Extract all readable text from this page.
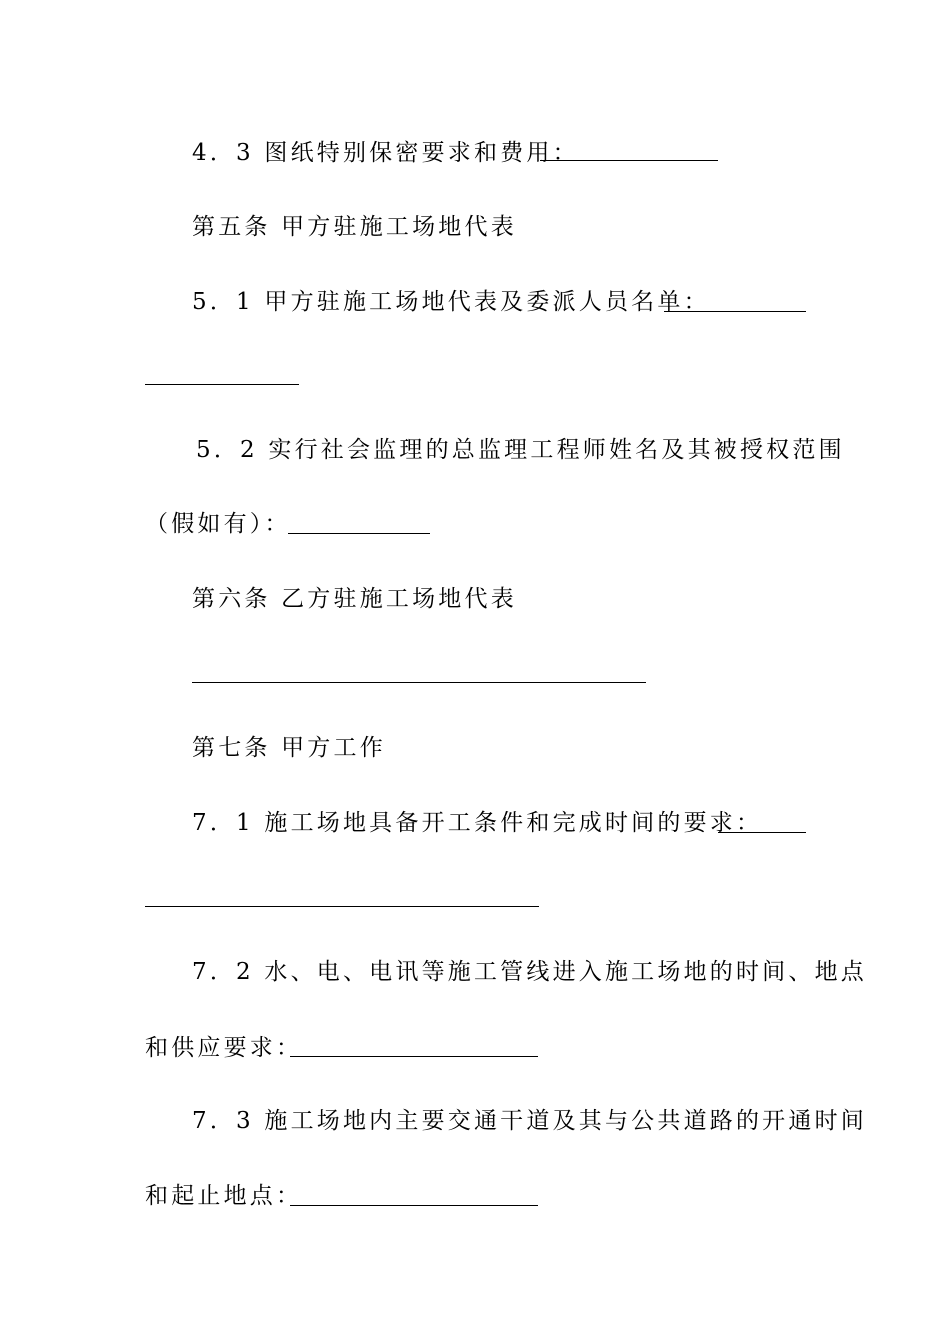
4．3 图纸特别保密要求和费用：
第五条 甲方驻施工场地代表
5．1 甲方驻施工场地代表及委派人员名单：
5．2 实行社会监理的总监理工程师姓名及其被授权范围
（假如有）：
第六条 乙方驻施工场地代表
第七条 甲方工作
7．1 施工场地具备开工条件和完成时间的要求：
7．2 水、电、电讯等施工管线进入施工场地的时间、地点
和供应要求：
7．3 施工场地内主要交通干道及其与公共道路的开通时间
和起止地点：
